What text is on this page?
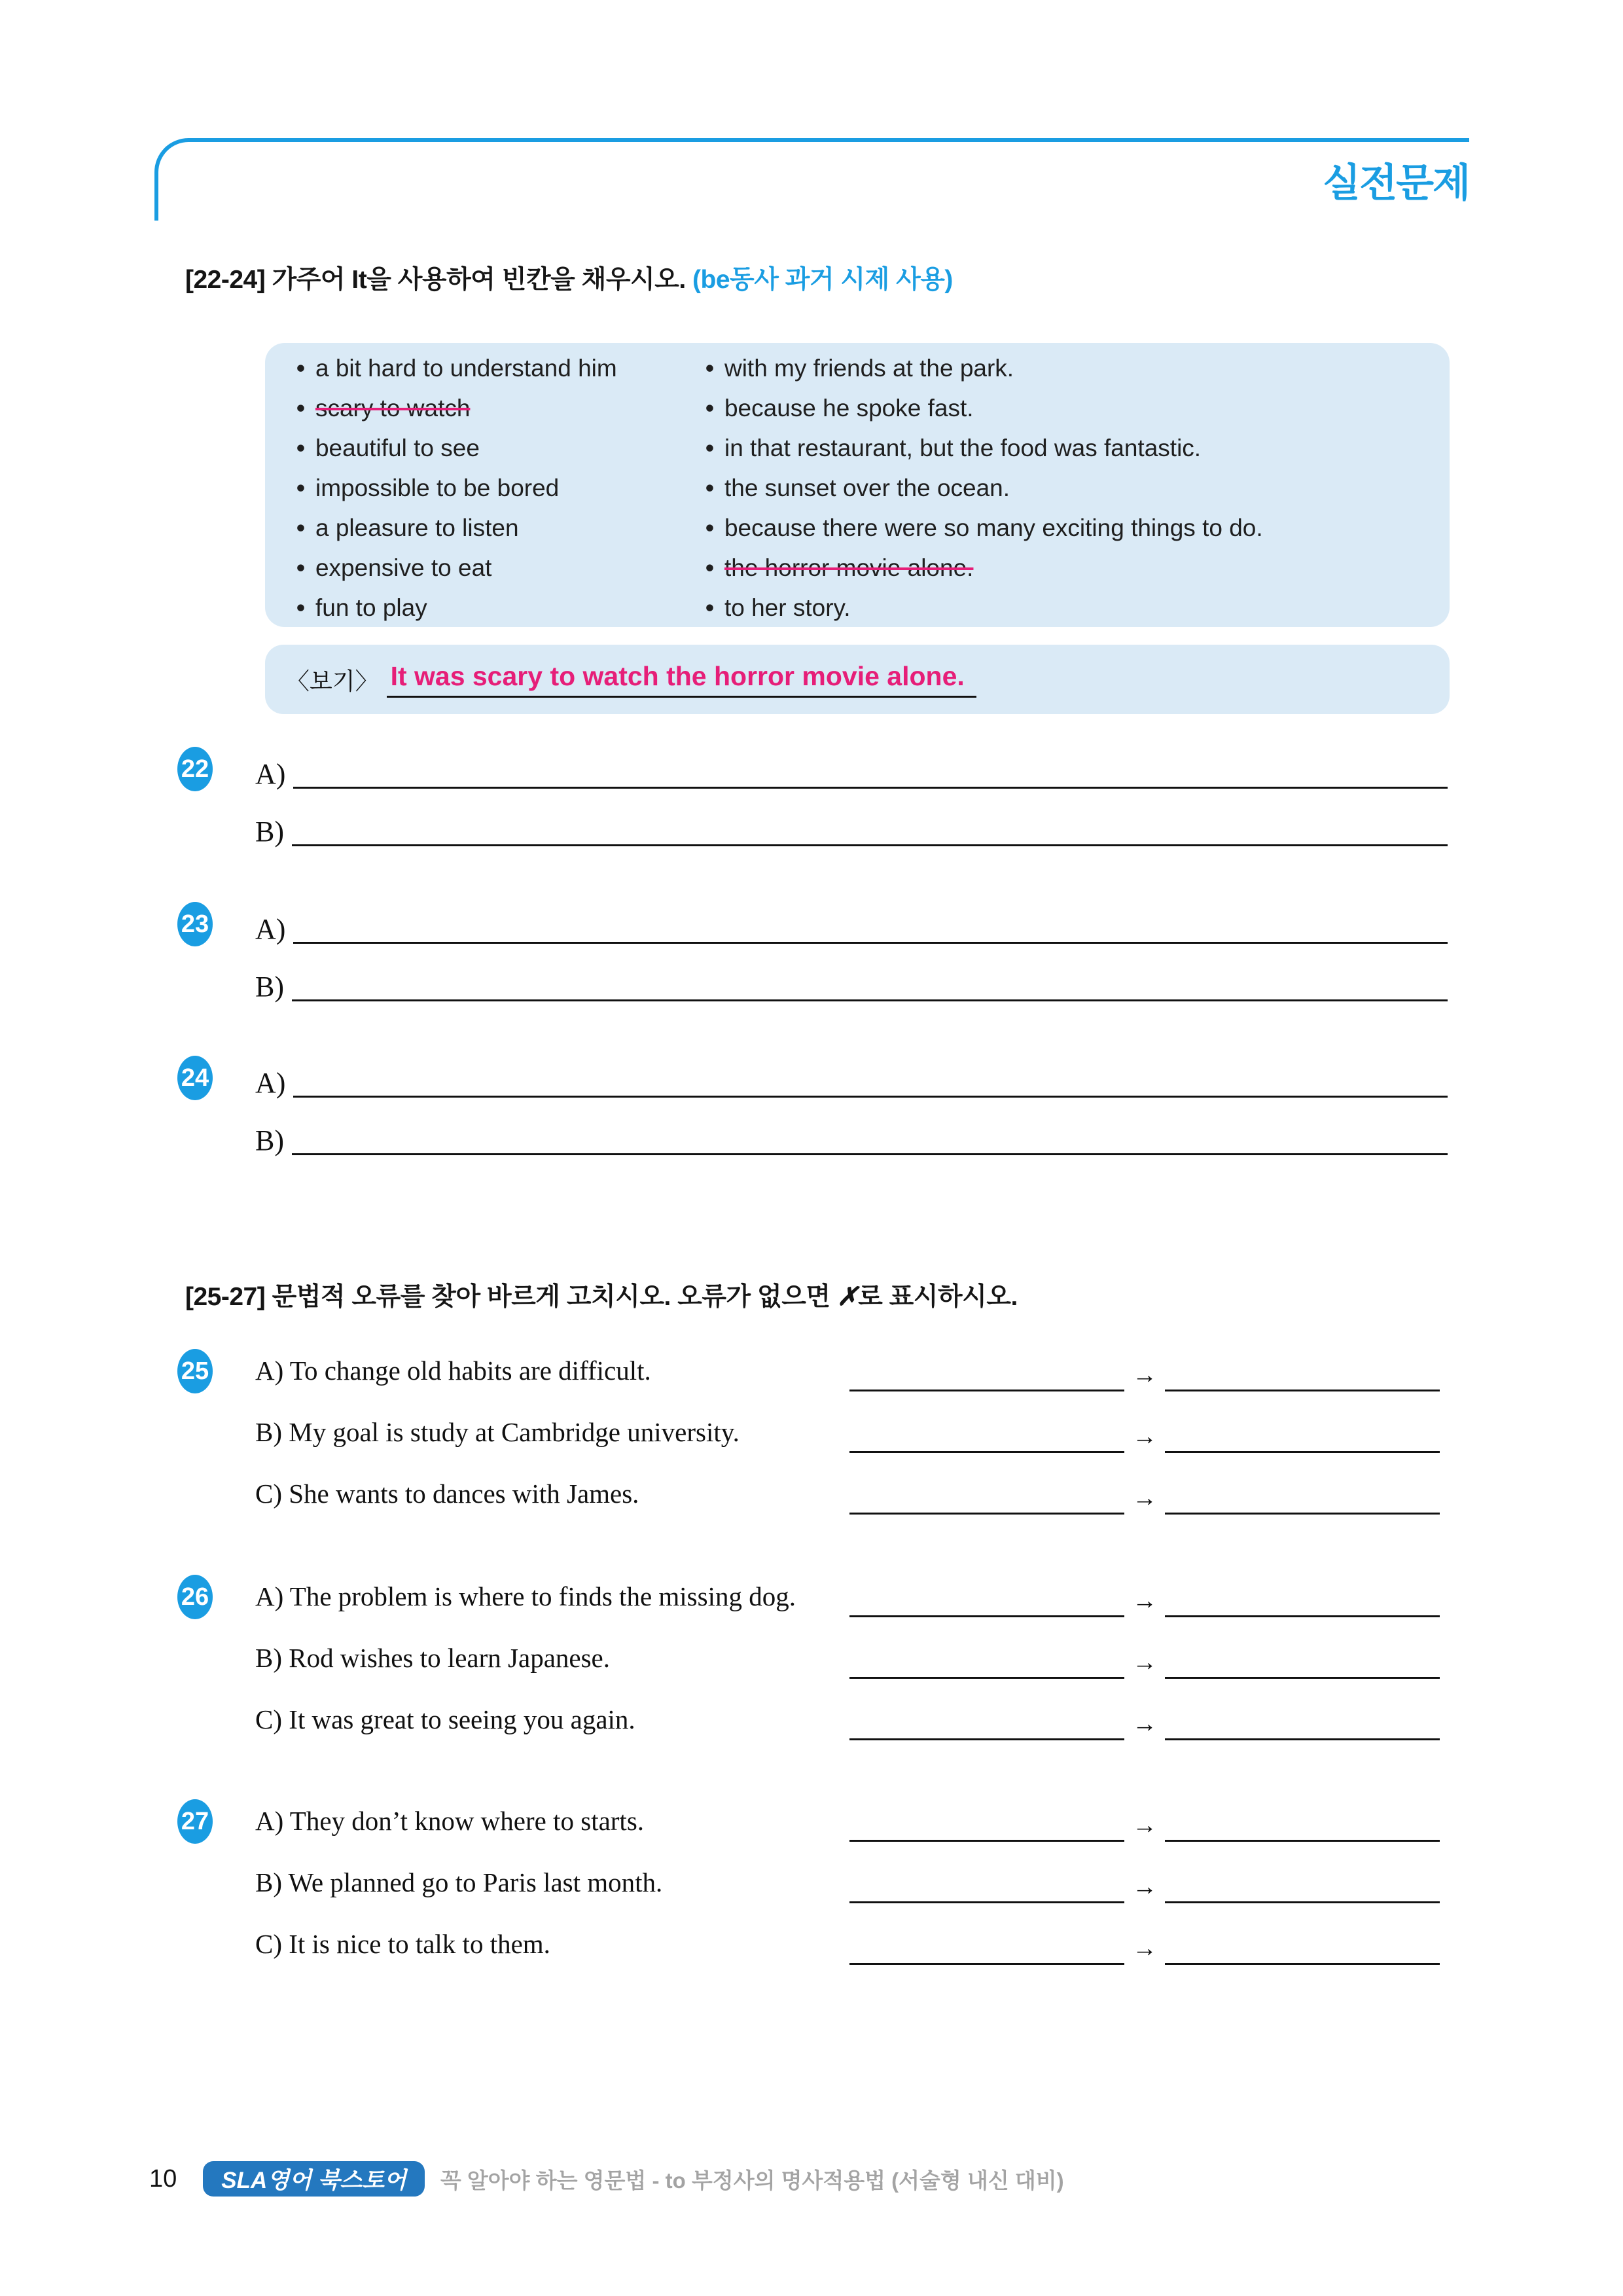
실전문제
[22-24] 가주어 It을 사용하여 빈칸을 채우시오. (be동사 과거 시제 사용)
• a bit hard to understand him
• scary to watch
• beautiful to see
• impossible to be bored
• a pleasure to listen
• expensive to eat
• fun to play
• with my friends at the park.
• because he spoke fast.
• in that restaurant, but the food was fantastic.
• the sunset over the ocean.
• because there were so many exciting things to do.
• the horror movie alone.
• to her story.
〈보기〉 It was scary to watch the horror movie alone.
22 A)
B)
23 A)
B)
24 A)
B)
[25-27] 문법적 오류를 찾아 바르게 고치시오. 오류가 없으면 ✗로 표시하시오.
25 A) To change old habits are difficult.	→
B) My goal is study at Cambridge university.	→
C) She wants to dances with James.	→
26 A) The problem is where to finds the missing dog.	→
B) Rod wishes to learn Japanese.	→
C) It was great to seeing you again.	→
27 A) They don’t know where to starts.	→
B) We planned go to Paris last month.	→
C) It is nice to talk to them.	→
10	SLA영어 북스토어	꼭 알아야 하는 영문법 - to 부정사의 명사적용법 (서술형 내신 대비)
